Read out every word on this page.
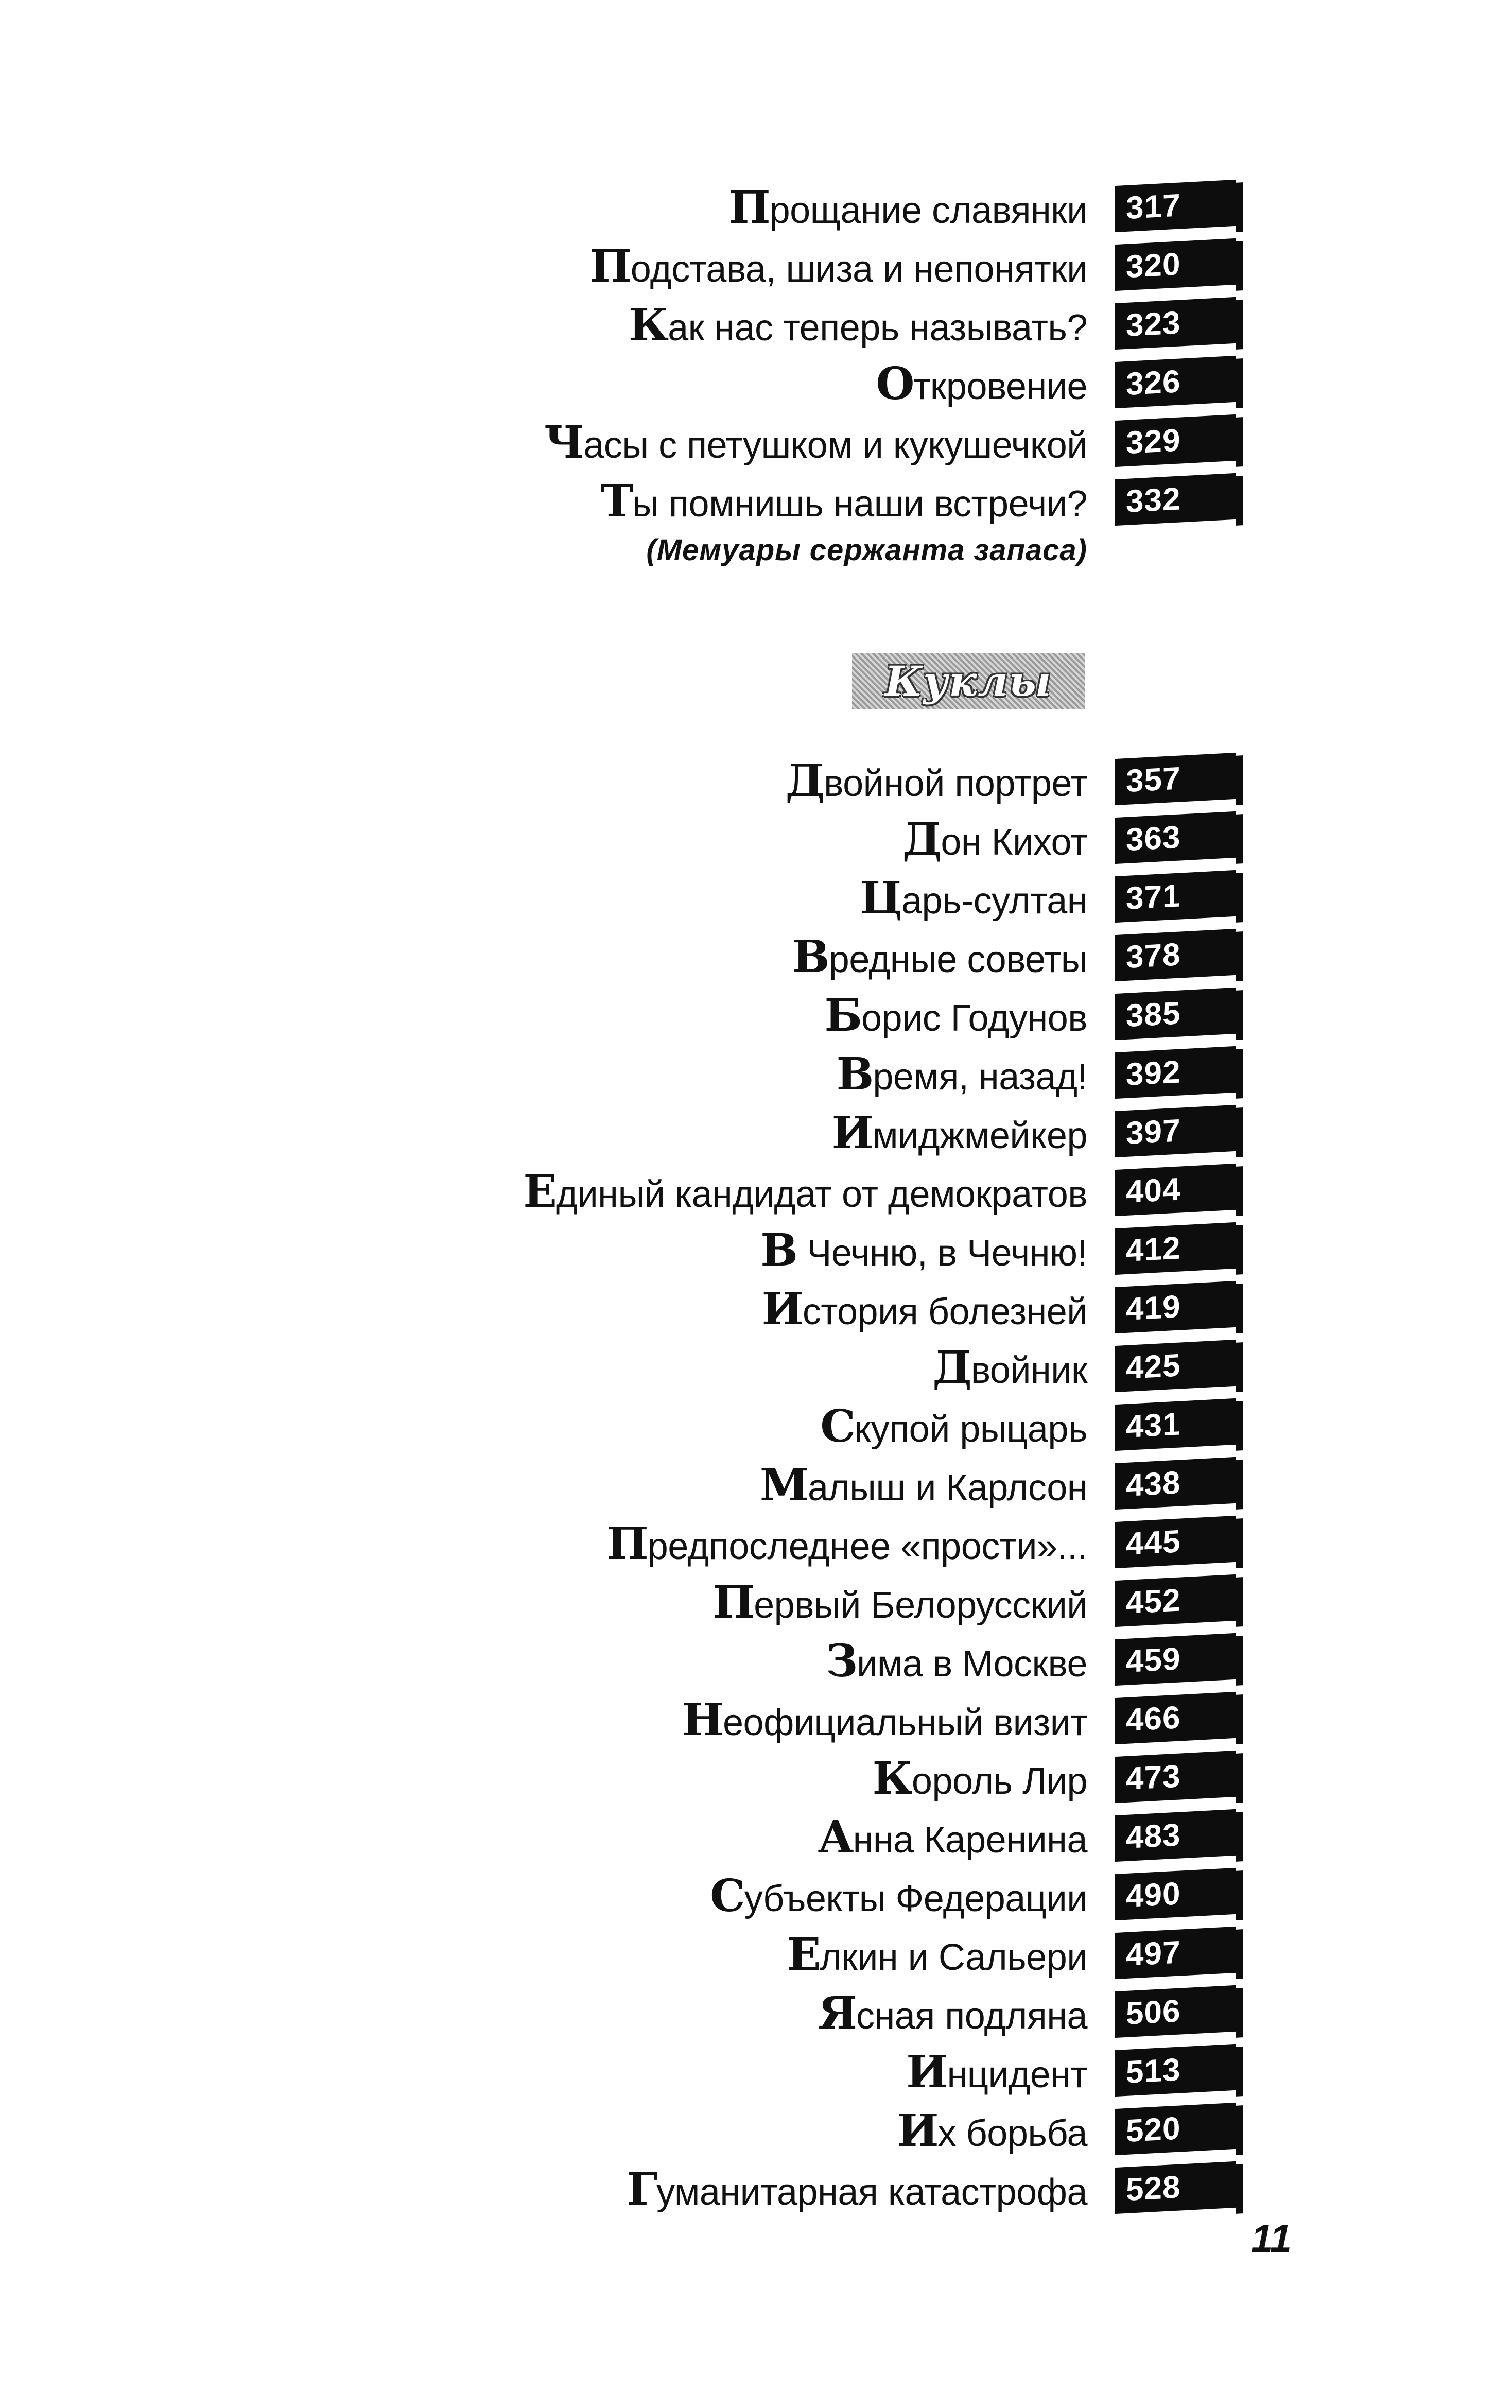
Прощание славянки	317
Подстава, шиза и непонятки	320
Как нас теперь называть?	323
Откровение	326
Часы с петушком и кукушечкой	329
Ты помнишь наши встречи?	332
(Мемуары сержанта запаса)
Куклы
Двойной портрет	357
Дон Кихот	363
Царь-султан	371
Вредные советы	378
Борис Годунов	385
Время, назад!	392
Имиджмейкер	397
Единый кандидат от демократов	404
В Чечню, в Чечню!	412
История болезней	419
Двойник	425
Скупой рыцарь	431
Малыш и Карлсон	438
Предпоследнее «прости»...	445
Первый Белорусский	452
Зима в Москве	459
Неофициальный визит	466
Король Лир	473
Анна Каренина	483
Субъекты Федерации	490
Елкин и Сальери	497
Ясная подляна	506
Инцидент	513
Их борьба	520
Гуманитарная катастрофа	528
11
